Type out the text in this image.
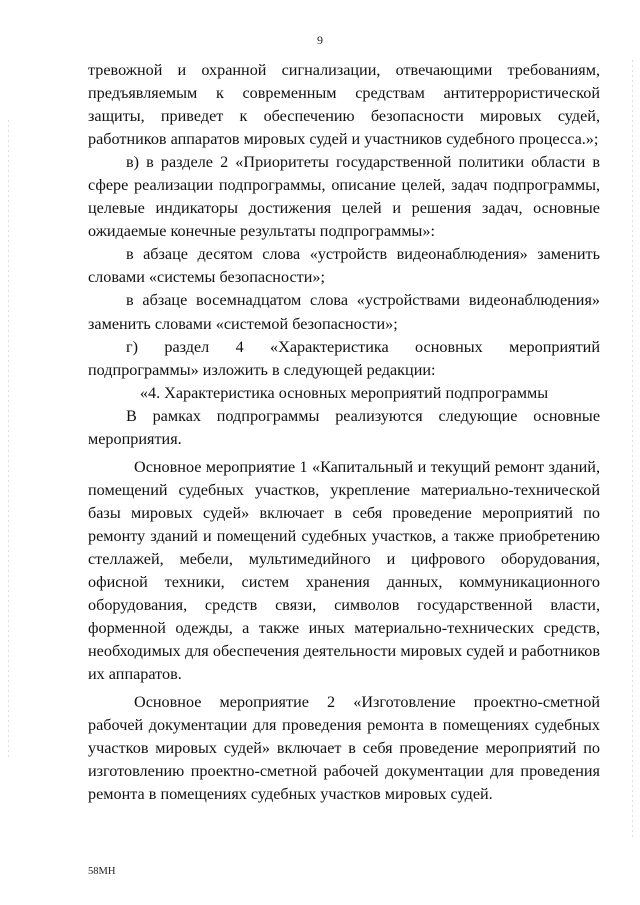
9

тревожной и охранной сигнализации, отвечающими требованиям, предъявляемым к современным средствам антитеррористической защиты, приведет к обеспечению безопасности мировых судей, работников аппаратов мировых судей и участников судебного процесса.»;

в) в разделе 2 «Приоритеты государственной политики области в сфере реализации подпрограммы, описание целей, задач подпрограммы, целевые индикаторы достижения целей и решения задач, основные ожидаемые конечные результаты подпрограммы»:

в абзаце десятом слова «устройств видеонаблюдения» заменить словами «системы безопасности»;

в абзаце восемнадцатом слова «устройствами видеонаблюдения» заменить словами «системой безопасности»;

г) раздел 4 «Характеристика основных мероприятий подпрограммы» изложить в следующей редакции:

«4. Характеристика основных мероприятий подпрограммы

В рамках подпрограммы реализуются следующие основные мероприятия.

Основное мероприятие 1 «Капитальный и текущий ремонт зданий, помещений судебных участков, укрепление материально-технической базы мировых судей» включает в себя проведение мероприятий по ремонту зданий и помещений судебных участков, а также приобретению стеллажей, мебели, мультимедийного и цифрового оборудования, офисной техники, систем хранения данных, коммуникационного оборудования, средств связи, символов государственной власти, форменной одежды, а также иных материально-технических средств, необходимых для обеспечения деятельности мировых судей и работников их аппаратов.

Основное мероприятие 2 «Изготовление проектно-сметной рабочей документации для проведения ремонта в помещениях судебных участков мировых судей» включает в себя проведение мероприятий по изготовлению проектно-сметной рабочей документации для проведения ремонта в помещениях судебных участков мировых судей.

58МН
